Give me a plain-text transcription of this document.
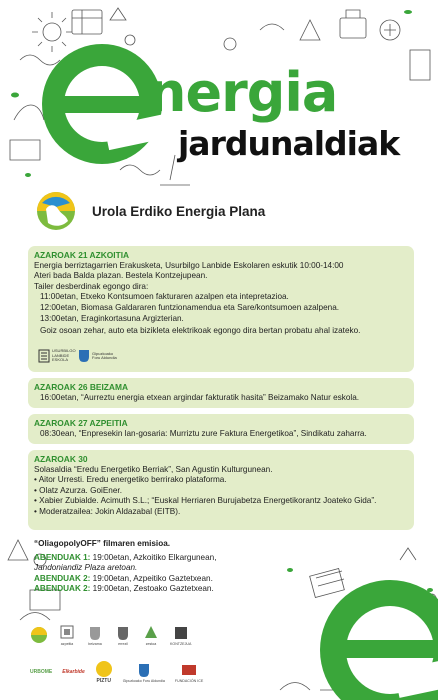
nergia
jardunaldiak
Urola Erdiko Energia Plana
AZAROAK 21 AZKOITIA
Energia berriztagarrien Erakusketa, Usurbilgo Lanbide Eskolaren eskutik 10:00-14:00
Ateri bada Balda plazan. Bestela Kontzejupean.
Tailer desberdinak egongo dira:
11:00etan, Etxeko Kontsumoen fakturaren azalpen eta intepretazioa.
12:00etan, Biomasa Galdararen funtzionamendua eta Sare/kontsumoen azalpena.
13:00etan, Eraginkortasuna Argizterian.
Goiz osoan zehar, auto eta bizikleta elektrikoak egongo dira bertan probatu ahal izateko.
USURBILGO LANBIDE ESKOLA
Gipuzkoako Foru Aldundia
AZAROAK 26 BEIZAMA
16:00etan, “Aurreztu energia etxean argindar fakturatik hasita” Beizamako Natur eskola.
AZAROAK 27 AZPEITIA
08:30ean, “Enpresekin lan-gosaria: Murriztu zure Faktura Energetikoa”, Sindikatu zaharra.
AZAROAK 30
Solasaldia “Eredu Energetiko Berriak”, San Agustin Kulturgunean.
• Aitor Urresti. Eredu energetiko berrirako plataforma.
• Olatz Azurza. GoiEner.
• Xabier Zubialde. Acimuth S.L.; “Euskal Herriaren Burujabetza Energetikorantz Joateko Gida”.
• Moderatzailea: Jokin Aldazabal (EITB).
“OliagopolyOFF” filmaren emisioa.
ABENDUAK 1: 19:00etan, Azkoitiko Elkargunean,
Jandoniandiz Plaza aretoan.
ABENDUAK 2: 19:00etan, Azpeitiko Gaztetxean.
ABENDUAK 2: 19:00etan, Zestoako Gaztetxean.
azpeitia	beizama	errezil	zestoa	KONTZEJUA
URBOME Elkarbide
PIZTU	Gipuzkoako Foru Aldundia	FUNDACIÓN ICE
